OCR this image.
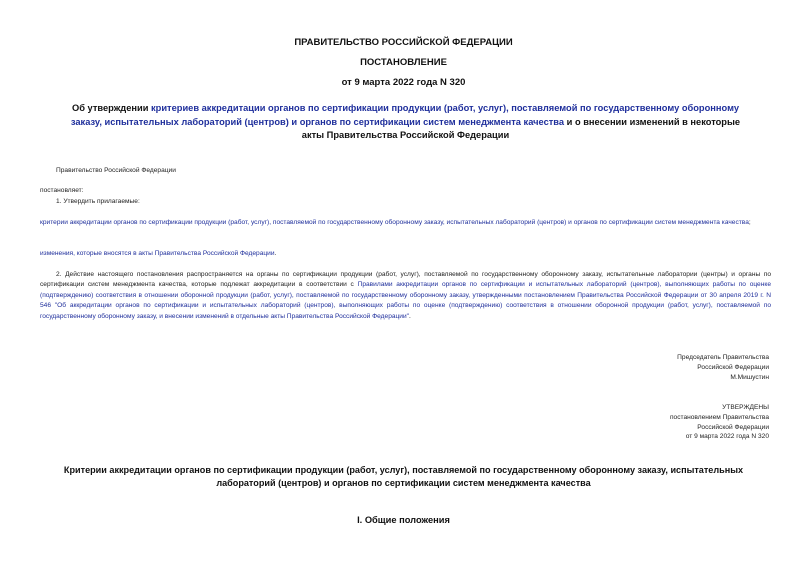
ПРАВИТЕЛЬСТВО РОССИЙСКОЙ ФЕДЕРАЦИИ
ПОСТАНОВЛЕНИЕ
от 9 марта 2022 года N 320
Об утверждении критериев аккредитации органов по сертификации продукции (работ, услуг), поставляемой по государственному оборонному заказу, испытательных лабораторий (центров) и органов по сертификации систем менеджмента качества и о внесении изменений в некоторые акты Правительства Российской Федерации
Правительство Российской Федерации
постановляет:
1. Утвердить прилагаемые:
критерии аккредитации органов по сертификации продукции (работ, услуг), поставляемой по государственному оборонному заказу, испытательных лабораторий (центров) и органов по сертификации систем менеджмента качества;
изменения, которые вносятся в акты Правительства Российской Федерации.
2. Действие настоящего постановления распространяется на органы по сертификации продукции (работ, услуг), поставляемой по государственному оборонному заказу, испытательные лаборатории (центры) и органы по сертификации систем менеджмента качества, которые подлежат аккредитации в соответствии с Правилами аккредитации органов по сертификации и испытательных лабораторий (центров), выполняющих работы по оценке (подтверждению) соответствия в отношении оборонной продукции (работ, услуг), поставляемой по государственному оборонному заказу, утвержденными постановлением Правительства Российской Федерации от 30 апреля 2019 г. N 546 "Об аккредитации органов по сертификации и испытательных лабораторий (центров), выполняющих работы по оценке (подтверждению) соответствия в отношении оборонной продукции (работ, услуг), поставляемой по государственному оборонному заказу, и внесении изменений в отдельные акты Правительства Российской Федерации".
Председатель Правительства
Российской Федерации
М.Мишустин
УТВЕРЖДЕНЫ
постановлением Правительства
Российской Федерации
от 9 марта 2022 года N 320
Критерии аккредитации органов по сертификации продукции (работ, услуг), поставляемой по государственному оборонному заказу, испытательных лабораторий (центров) и органов по сертификации систем менеджмента качества
I. Общие положения
